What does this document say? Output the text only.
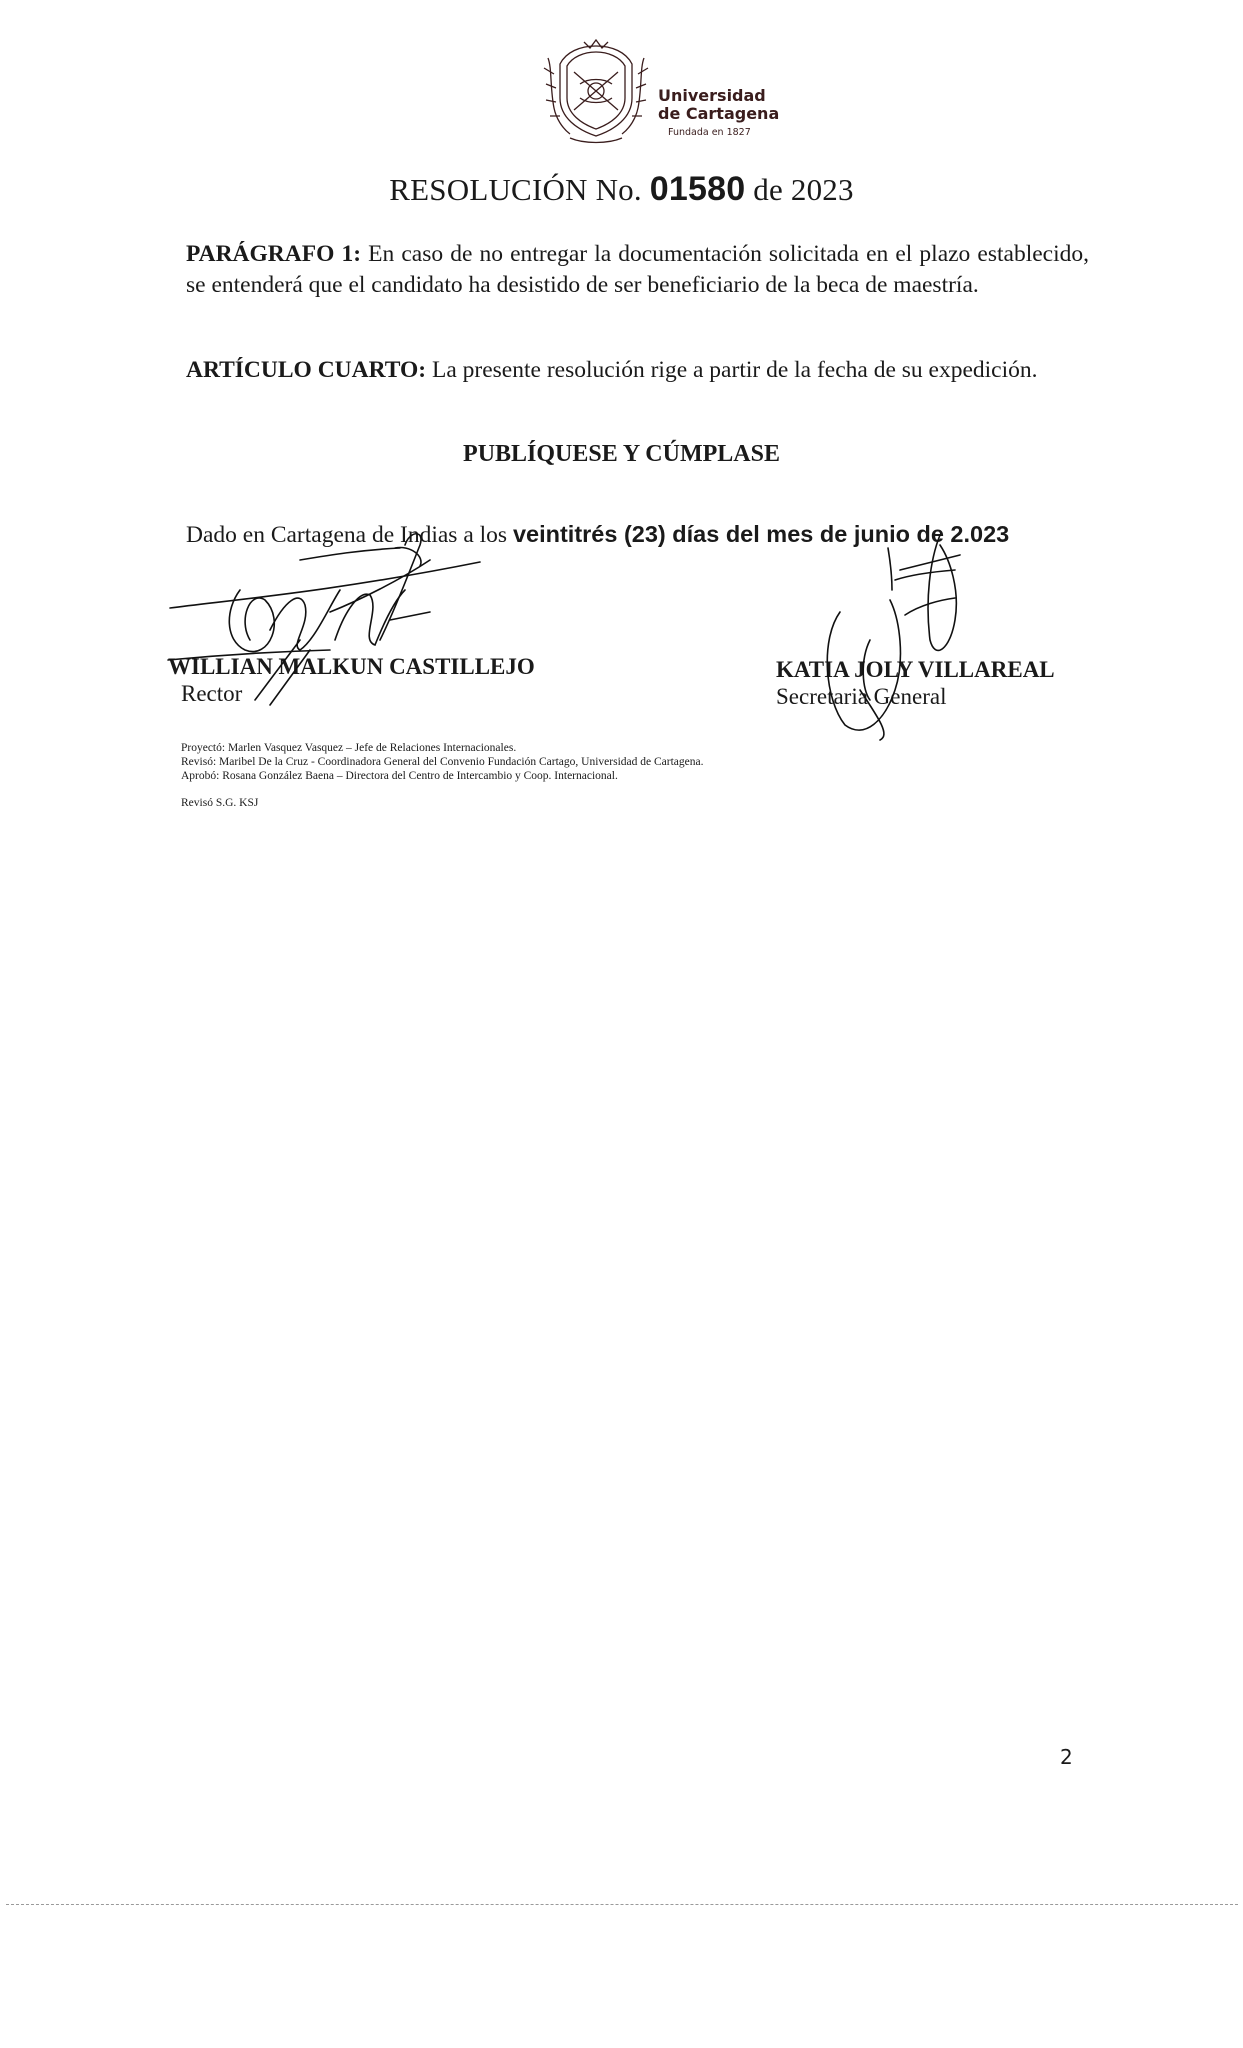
Universidad
de Cartagena
Fundada en 1827
RESOLUCIÓN No. 01580 de 2023
PARÁGRAFO 1: En caso de no entregar la documentación solicitada en el plazo establecido, se entenderá que el candidato ha desistido de ser beneficiario de la beca de maestría.
ARTÍCULO CUARTO: La presente resolución rige a partir de la fecha de su expedición.
PUBLÍQUESE Y CÚMPLASE
Dado en Cartagena de Indias a los veintitrés (23) días del mes de junio de 2.023
WILLIAN MALKUN CASTILLEJO
Rector
KATIA JOLY VILLAREAL
Secretaria General
Proyectó: Marlen Vasquez Vasquez – Jefe de Relaciones Internacionales.
Revisó: Maribel De la Cruz - Coordinadora General del Convenio Fundación Cartago, Universidad de Cartagena.
Aprobó: Rosana González Baena – Directora del Centro de Intercambio y Coop. Internacional.
Revisó S.G. KSJ
2
